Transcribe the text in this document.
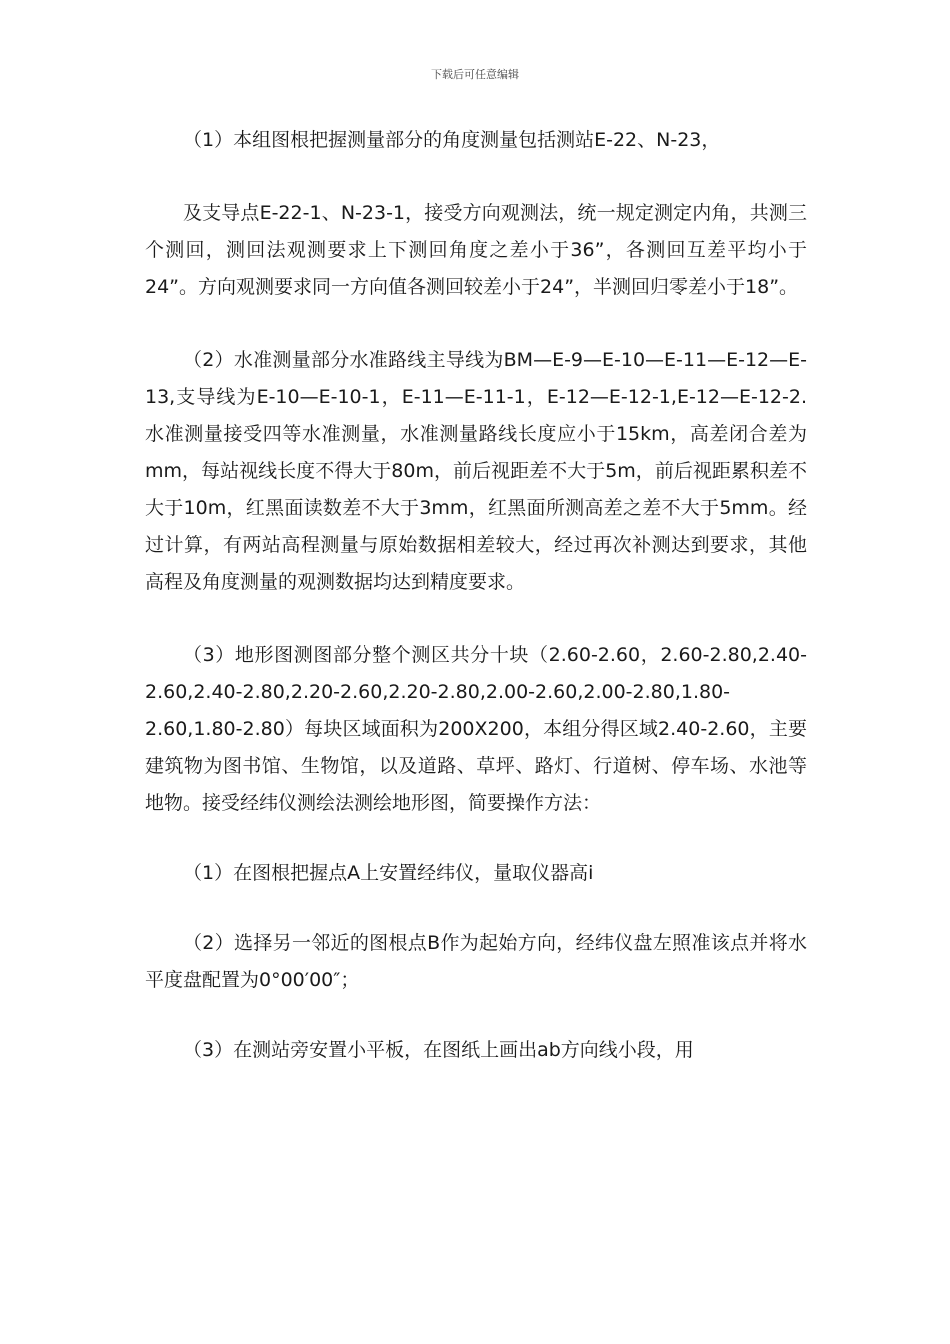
下载后可任意编辑

（1）本组图根把握测量部分的角度测量包括测站E-22、N-23，

及支导点E-22-1、N-23-1，接受方向观测法，统一规定测定内角，共测三个测回，测回法观测要求上下测回角度之差小于36”，各测回互差平均小于24”。方向观测要求同一方向值各测回较差小于24”，半测回归零差小于18”。

（2）水准测量部分水准路线主导线为BM—E-9—E-10—E-11—E-12—E-13,支导线为E-10—E-10-1，E-11—E-11-1，E-12—E-12-1,E-12—E-12-2.水准测量接受四等水准测量，水准测量路线长度应小于15km，高差闭合差为mm，每站视线长度不得大于80m，前后视距差不大于5m，前后视距累积差不大于10m，红黑面读数差不大于3mm，红黑面所测高差之差不大于5mm。经过计算，有两站高程测量与原始数据相差较大，经过再次补测达到要求，其他高程及角度测量的观测数据均达到精度要求。

（3）地形图测图部分整个测区共分十块（2.60-2.60，2.60-2.80,2.40-2.60,2.40-2.80,2.20-2.60,2.20-2.80,2.00-2.60,2.00-2.80,1.80-2.60,1.80-2.80）每块区域面积为200X200，本组分得区域2.40-2.60，主要建筑物为图书馆、生物馆，以及道路、草坪、路灯、行道树、停车场、水池等地物。接受经纬仪测绘法测绘地形图，简要操作方法：

（1）在图根把握点A上安置经纬仪，量取仪器高i

（2）选择另一邻近的图根点B作为起始方向，经纬仪盘左照准该点并将水平度盘配置为0°00′00″；

（3）在测站旁安置小平板，在图纸上画出ab方向线小段，用
